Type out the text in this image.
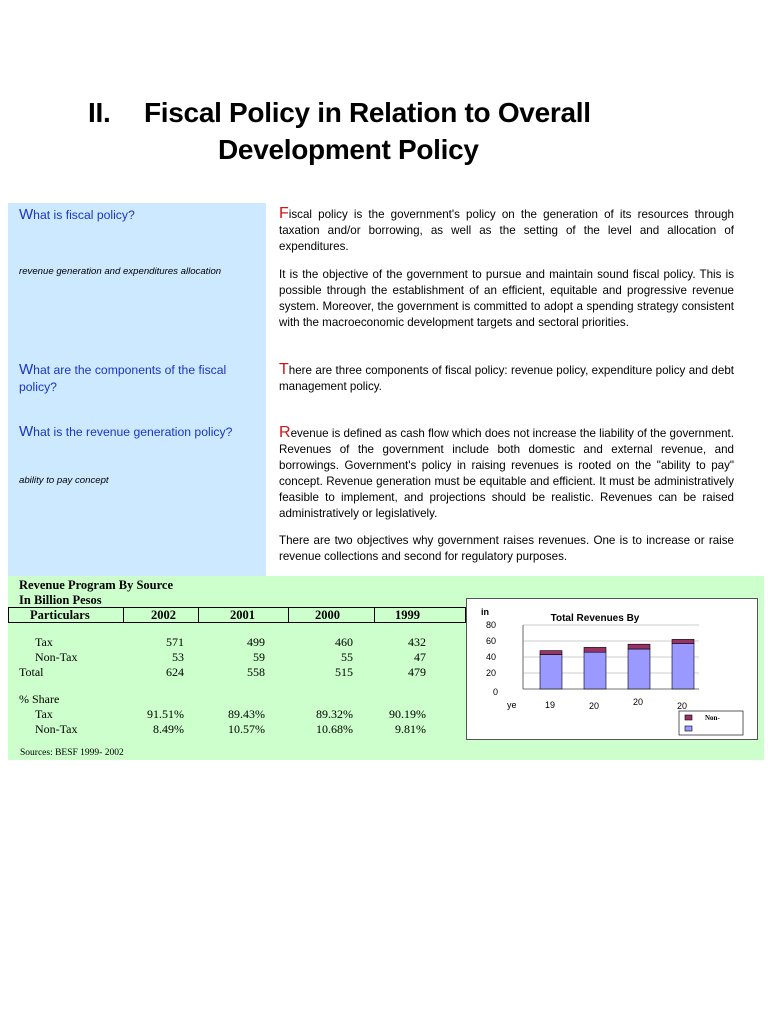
II. Fiscal Policy in Relation to Overall
Development Policy
What is fiscal policy?
revenue generation and expenditures allocation
What are the components of the fiscal policy?
What is the revenue generation policy?
ability to pay concept
Fiscal policy is the government's policy on the generation of its resources through taxation and/or borrowing, as well as the setting of the level and allocation of expenditures.
It is the objective of the government to pursue and maintain sound fiscal policy. This is possible through the establishment of an efficient, equitable and progressive revenue system. Moreover, the government is committed to adopt a spending strategy consistent with the macroeconomic development targets and sectoral priorities.
There are three components of fiscal policy: revenue policy, expenditure policy and debt management policy.
Revenue is defined as cash flow which does not increase the liability of the government. Revenues of the government include both domestic and external revenue, and borrowings. Government's policy in raising revenues is rooted on the "ability to pay" concept. Revenue generation must be equitable and efficient. It must be administratively feasible to implement, and projections should be realistic. Revenues can be raised administratively or legislatively.
There are two objectives why government raises revenues. One is to increase or raise revenue collections and second for regulatory purposes.
Revenue Program By Source
In Billion Pesos
Particulars	2002	2001	2000	1999
Tax	571	499	460	432
Non-Tax	53	59	55	47
Total	624	558	515	479
% Share
Tax	91.51%	89.43%	89.32%	90.19%
Non-Tax	8.49%	10.57%	10.68%	9.81%
Sources: BESF 1999- 2002
Total Revenues By
in
ye
80
60
40
20
0
19	20	20	20
Non-
